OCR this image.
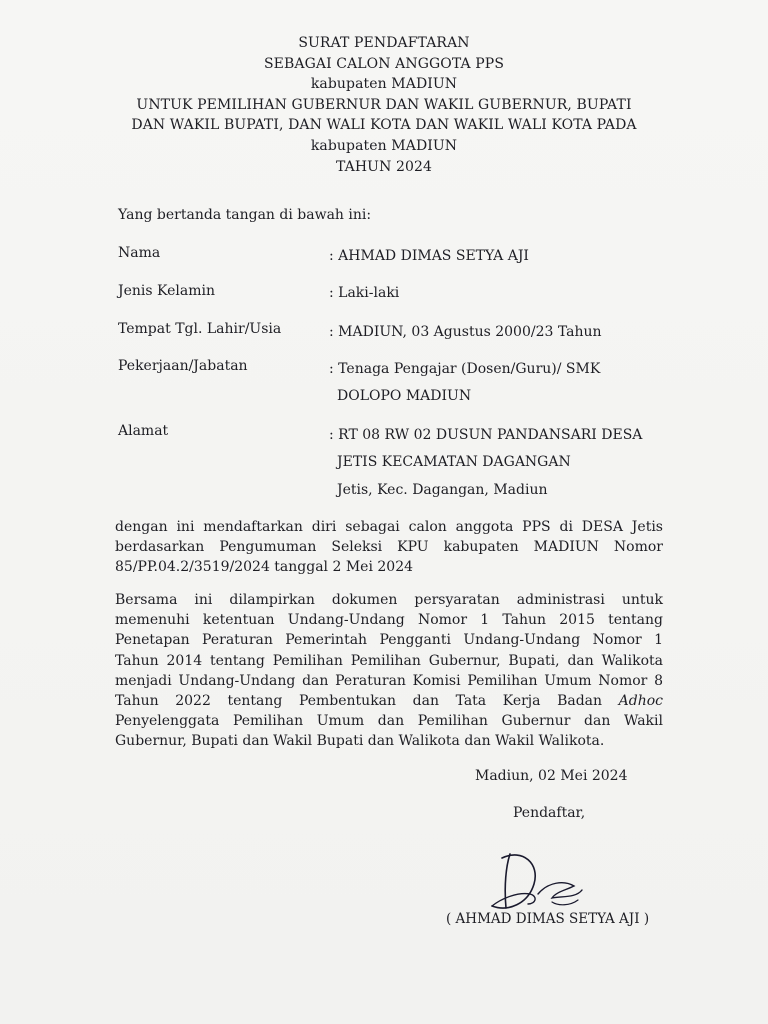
SURAT PENDAFTARAN
SEBAGAI CALON ANGGOTA PPS
kabupaten MADIUN
UNTUK PEMILIHAN GUBERNUR DAN WAKIL GUBERNUR, BUPATI
DAN WAKIL BUPATI, DAN WALI KOTA DAN WAKIL WALI KOTA PADA
kabupaten MADIUN
TAHUN 2024
Yang bertanda tangan di bawah ini:
Nama	: AHMAD DIMAS SETYA AJI
Jenis Kelamin	: Laki-laki
Tempat Tgl. Lahir/Usia	: MADIUN, 03 Agustus 2000/23 Tahun
Pekerjaan/Jabatan	: Tenaga Pengajar (Dosen/Guru)/ SMK
DOLOPO MADIUN
Alamat	: RT 08 RW 02 DUSUN PANDANSARI DESA
JETIS KECAMATAN DAGANGAN
Jetis, Kec. Dagangan, Madiun
dengan ini mendaftarkan diri sebagai calon anggota PPS di DESA Jetis
berdasarkan Pengumuman Seleksi KPU kabupaten MADIUN Nomor
85/PP.04.2/3519/2024 tanggal 2 Mei 2024
Bersama ini dilampirkan dokumen persyaratan administrasi untuk
memenuhi ketentuan Undang-Undang Nomor 1 Tahun 2015 tentang
Penetapan Peraturan Pemerintah Pengganti Undang-Undang Nomor 1
Tahun 2014 tentang Pemilihan Pemilihan Gubernur, Bupati, dan Walikota
menjadi Undang-Undang dan Peraturan Komisi Pemilihan Umum Nomor 8
Tahun 2022 tentang Pembentukan dan Tata Kerja Badan Adhoc
Penyelenggata Pemilihan Umum dan Pemilihan Gubernur dan Wakil
Gubernur, Bupati dan Wakil Bupati dan Walikota dan Wakil Walikota.
Madiun, 02 Mei 2024
Pendaftar,
( AHMAD DIMAS SETYA AJI )
